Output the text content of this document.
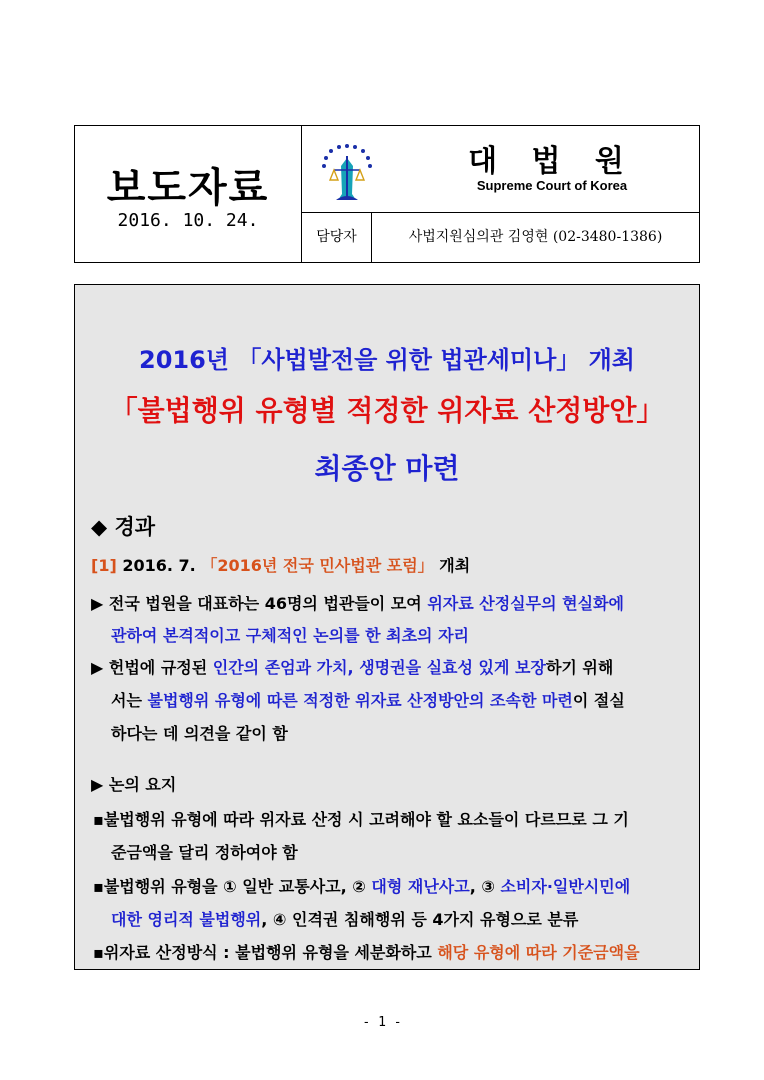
보도자료
2016. 10. 24.
대 법 원
Supreme Court of Korea
담당자	사법지원심의관 김영현 (02-3480-1386)
2016년 「사법발전을 위한 법관세미나」 개최
「불법행위 유형별 적정한 위자료 산정방안」
최종안 마련
◆ 경과
[1] 2016. 7. 「2016년 전국 민사법관 포럼」 개최
▶ 전국 법원을 대표하는 46명의 법관들이 모여 위자료 산정실무의 현실화에
관하여 본격적이고 구체적인 논의를 한 최초의 자리
▶ 헌법에 규정된 인간의 존엄과 가치, 생명권을 실효성 있게 보장하기 위해
서는 불법행위 유형에 따른 적정한 위자료 산정방안의 조속한 마련이 절실
하다는 데 의견을 같이 함
▶ 논의 요지
▪불법행위 유형에 따라 위자료 산정 시 고려해야 할 요소들이 다르므로 그 기
준금액을 달리 정하여야 함
▪불법행위 유형을 ① 일반 교통사고, ② 대형 재난사고, ③ 소비자·일반시민에
대한 영리적 불법행위, ④ 인격권 침해행위 등 4가지 유형으로 분류
▪위자료 산정방식 : 불법행위 유형을 세분화하고 해당 유형에 따라 기준금액을
- 1 -
